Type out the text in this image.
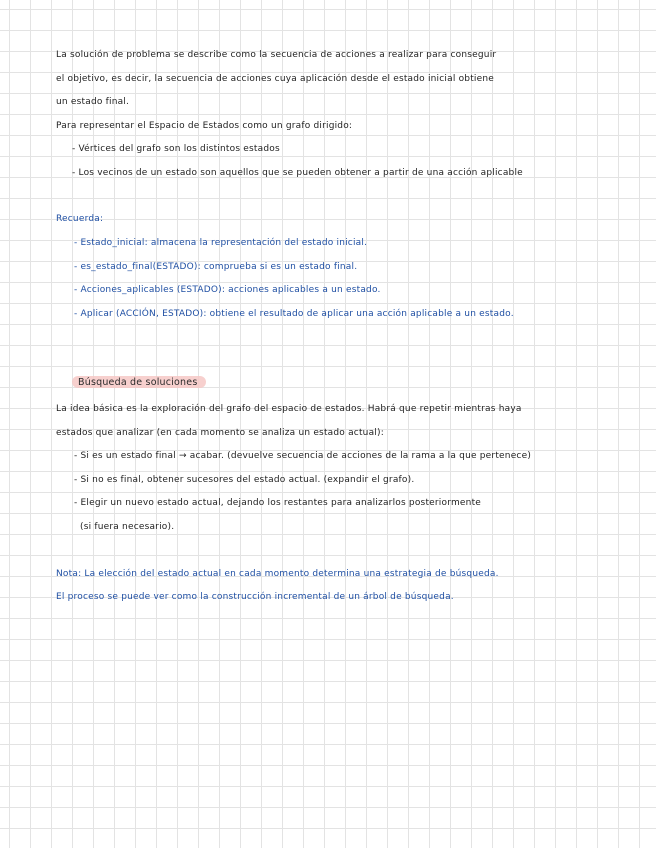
La solución de problema se describe como la secuencia de acciones a realizar para conseguir
el objetivo, es decir, la secuencia de acciones cuya aplicación desde el estado inicial obtiene
un estado final.
Para representar el Espacio de Estados como un grafo dirigido:
- Vértices del grafo son los distintos estados
- Los vecinos de un estado son aquellos que se pueden obtener a partir de una acción aplicable
Recuerda:
- Estado_inicial: almacena la representación del estado inicial.
- es_estado_final(ESTADO): comprueba si es un estado final.
- Acciones_aplicables (ESTADO): acciones aplicables a un estado.
- Aplicar (ACCIÓN, ESTADO): obtiene el resultado de aplicar una acción aplicable a un estado.
Búsqueda de soluciones
La idea básica es la exploración del grafo del espacio de estados. Habrá que repetir mientras haya
estados que analizar (en cada momento se analiza un estado actual):
- Si es un estado final → acabar. (devuelve secuencia de acciones de la rama a la que pertenece)
- Si no es final, obtener sucesores del estado actual. (expandir el grafo).
- Elegir un nuevo estado actual, dejando los restantes para analizarlos posteriormente
(si fuera necesario).
Nota: La elección del estado actual en cada momento determina una estrategia de búsqueda.
El proceso se puede ver como la construcción incremental de un árbol de búsqueda.
